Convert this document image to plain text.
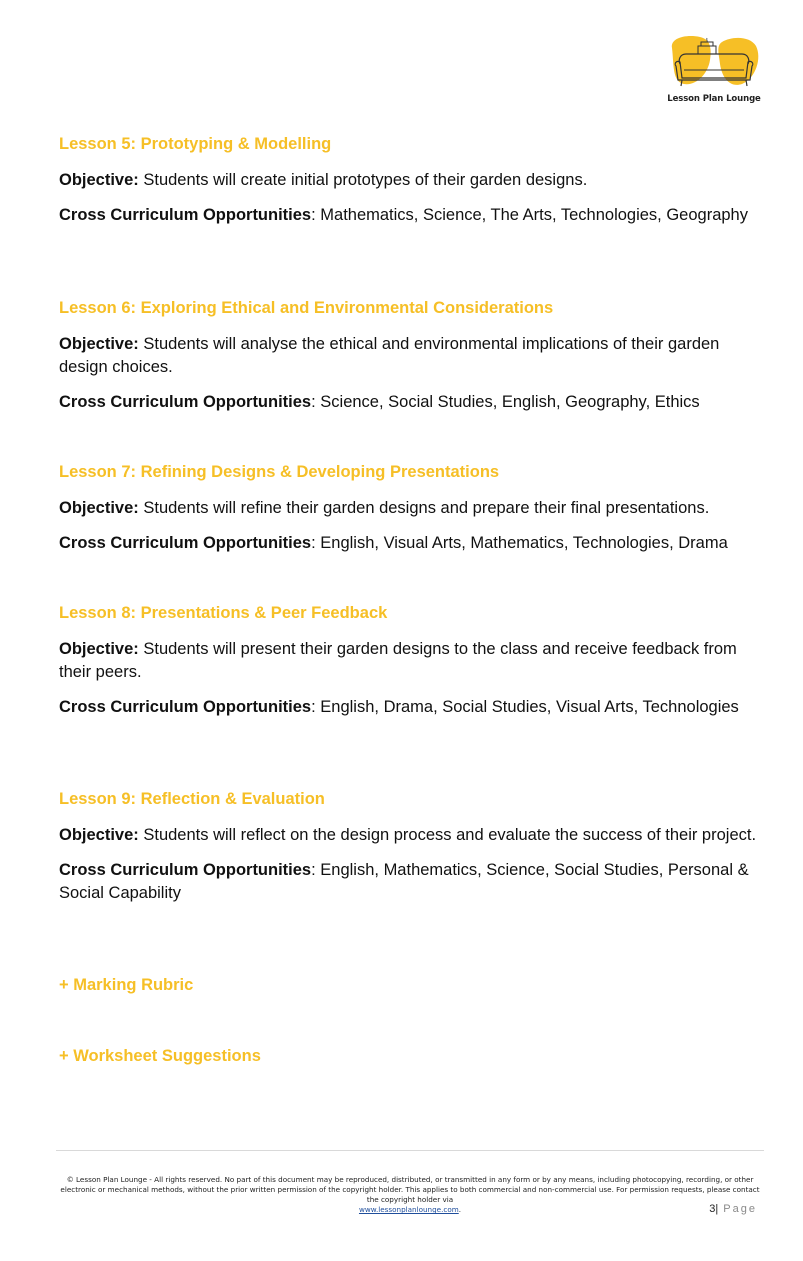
Lesson Plan Lounge
Lesson 5: Prototyping & Modelling

Objective: Students will create initial prototypes of their garden designs.

Cross Curriculum Opportunities: Mathematics, Science, The Arts, Technologies, Geography

Lesson 6: Exploring Ethical and Environmental Considerations

Objective: Students will analyse the ethical and environmental implications of their garden design choices.

Cross Curriculum Opportunities: Science, Social Studies, English, Geography, Ethics

Lesson 7: Refining Designs & Developing Presentations

Objective: Students will refine their garden designs and prepare their final presentations.

Cross Curriculum Opportunities: English, Visual Arts, Mathematics, Technologies, Drama

Lesson 8: Presentations & Peer Feedback

Objective: Students will present their garden designs to the class and receive feedback from their peers.

Cross Curriculum Opportunities: English, Drama, Social Studies, Visual Arts, Technologies

Lesson 9: Reflection & Evaluation

Objective: Students will reflect on the design process and evaluate the success of their project.

Cross Curriculum Opportunities: English, Mathematics, Science, Social Studies, Personal & Social Capability

+ Marking Rubric
+ Worksheet Suggestions
© Lesson Plan Lounge - All rights reserved. No part of this document may be reproduced, distributed, or transmitted in any form or by any means, including photocopying, recording, or other electronic or mechanical methods, without the prior written permission of the copyright holder. This applies to both commercial and non-commercial use. For permission requests, please contact the copyright holder via
www.lessonplanlounge.com.	3| Page
